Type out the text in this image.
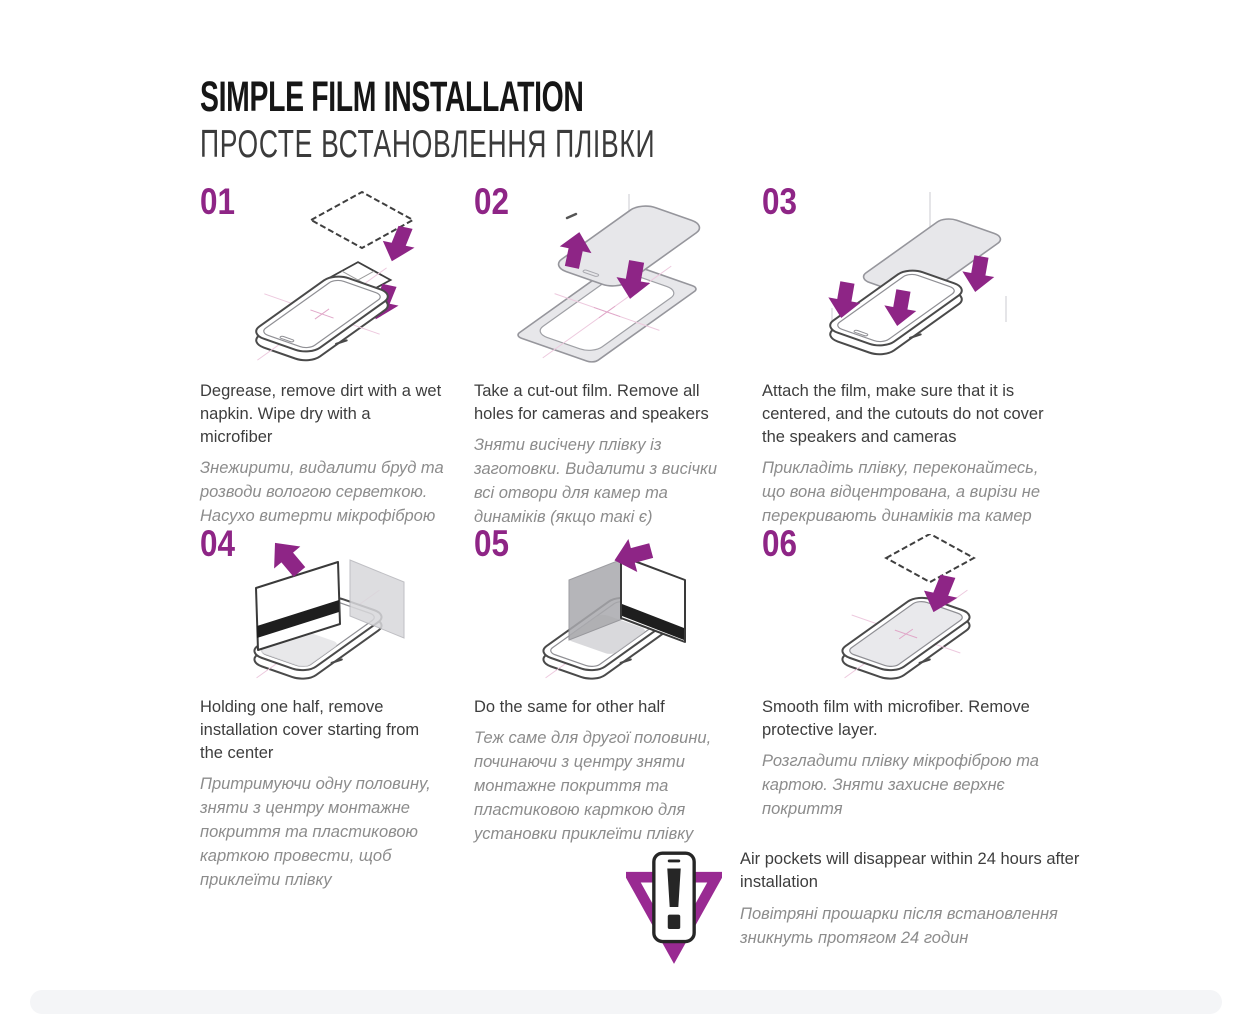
SIMPLE FILM INSTALLATION
ПРОСТЕ ВСТАНОВЛЕННЯ ПЛІВКИ
01

Degrease, remove dirt with a wet napkin. Wipe dry with a microfiber

Знежирити, видалити бруд та розводи вологою серветкою. Насухо витерти мікрофіброю

02

Take a cut-out film. Remove all holes for cameras and speakers

Зняти висічену плівку із заготовки. Видалити з висічки всі отвори для камер та динаміків (якщо такі є)

03

Attach the film, make sure that it is centered, and the cutouts do not cover the speakers and cameras

Прикладіть плівку, переконайтесь, що вона відцентрована, а вирізи не перекривають динаміків та камер

04

Holding one half, remove installation cover starting from the center

Притримуючи одну половину, зняти з центру монтажне покриття та пластиковою карткою провести, щоб приклеїти плівку

05

Do the same for other half

Теж саме для другої половини, починаючи з центру зняти монтажне покриття та пластиковою карткою для установки приклеїти плівку

06

Smooth film with microfiber. Remove protective layer.

Розгладити плівку мікрофіброю та картою. Зняти захисне верхнє покриття

Air pockets will disappear within 24 hours after installation

Повітряні прошарки після встановлення зникнуть протягом 24 годин
